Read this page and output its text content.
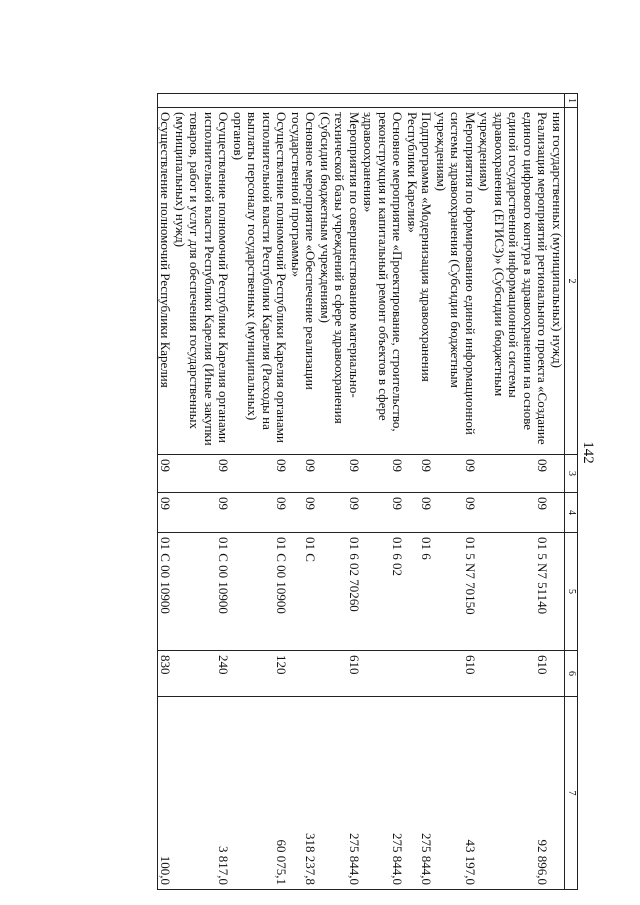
142
1	2	3	4	5	6	7
	ния государственных (муниципальных) нужд)					
	Реализация мероприятий регионального проекта «Создание единого цифрового контура в здравоохранении на основе единой государственной информационной системы здравоохранения (ЕГИСЗ)» (Субсидии бюджетным учреждениям)	09	09	01 5 N7 51140	610	92 896,0
	Мероприятия по формированию единой информационной системы здравоохранения (Субсидии бюджетным учреждениям)	09	09	01 5 N7 70150	610	43 197,0
	Подпрограмма «Модернизация здравоохранения Республики Карелия»	09	09	01 6		275 844,0
	Основное мероприятие «Проектирование, строительство, реконструкция и капитальный ремонт объектов в сфере здравоохранения»	09	09	01 6 02		275 844,0
	Мероприятия по совершенствованию материально-технической базы учреждений в сфере здравоохранения (Субсидии бюджетным учреждениям)	09	09	01 6 02 70260	610	275 844,0
	Основное мероприятие «Обеспечение реализации государственной программы»	09	09	01 С		318 237,8
	Осуществление полномочий Республики Карелия органами исполнительной власти Республики Карелия (Расходы на выплаты персоналу государственных (муниципальных) органов)	09	09	01 С 00 10900	120	60 075,1
	Осуществление полномочий Республики Карелия органами исполнительной власти Республики Карелия (Иные закупки товаров, работ и услуг для обеспечения государственных (муниципальных) нужд)	09	09	01 С 00 10900	240	3 817,0
	Осуществление полномочий Республики Карелия	09	09	01 С 00 10900	830	100,0
